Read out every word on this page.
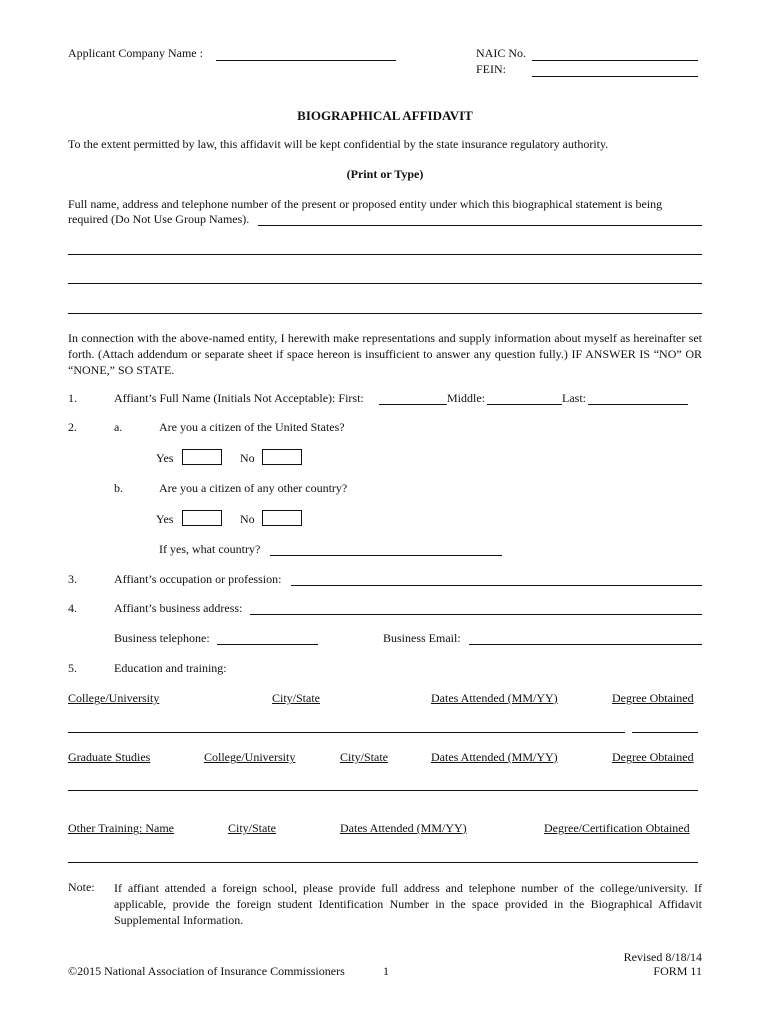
Applicant Company Name :	NAIC No.
FEIN:
BIOGRAPHICAL AFFIDAVIT
To the extent permitted by law, this affidavit will be kept confidential by the state insurance regulatory authority.
(Print or Type)
Full name, address and telephone number of the present or proposed entity under which this biographical statement is being
required (Do Not Use Group Names).
In connection with the above-named entity, I herewith make representations and supply information about myself as hereinafter set forth. (Attach addendum or separate sheet if space hereon is insufficient to answer any question fully.) IF ANSWER IS “NO” OR “NONE,” SO STATE.
1.	Affiant’s Full Name (Initials Not Acceptable): First:	Middle:	Last:
2.	a.	Are you a citizen of the United States?
Yes	No
b.	Are you a citizen of any other country?
Yes	No
If yes, what country?
3.	Affiant’s occupation or profession:
4.	Affiant’s business address:
Business telephone:	Business Email:
5.	Education and training:
College/University	City/State	Dates Attended (MM/YY)	Degree Obtained
Graduate Studies	College/University	City/State	Dates Attended (MM/YY)	Degree Obtained
Other Training: Name	City/State	Dates Attended (MM/YY)	Degree/Certification Obtained
Note: If affiant attended a foreign school, please provide full address and telephone number of the college/university. If applicable, provide the foreign student Identification Number in the space provided in the Biographical Affidavit Supplemental Information.
©2015 National Association of Insurance Commissioners	1
Revised 8/18/14
FORM 11
